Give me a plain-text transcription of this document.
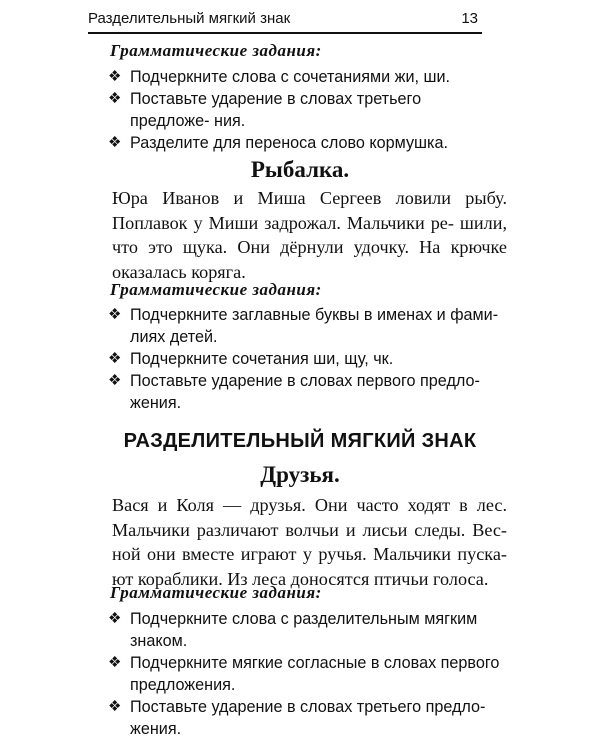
Разделительный мягкий знак	13
Грамматические задания:
❖ Подчеркните слова с сочетаниями жи, ши.
❖ Поставьте ударение в словах третьего предложе- ния.
❖ Разделите для переноса слово кормушка.
Рыбалка.

Юра Иванов и Миша Сергеев ловили рыбу. Поплавок у Миши задрожал. Мальчики ре- шили, что это щука. Они дёрнули удочку. На крючке оказалась коряга.

Грамматические задания:
❖ Подчеркните заглавные буквы в именах и фами- лиях детей.
❖ Подчеркните сочетания ши, щу, чк.
❖ Поставьте ударение в словах первого предло- жения.
РАЗДЕЛИТЕЛЬНЫЙ МЯГКИЙ ЗНАК
Друзья.

Вася и Коля — друзья. Они часто ходят в лес. Мальчики различают волчьи и лисьи следы. Вес- ной они вместе играют у ручья. Мальчики пуска- ют кораблики. Из леса доносятся птичьи голоса.

Грамматические задания:
❖ Подчеркните слова с разделительным мягким знаком.
❖ Подчеркните мягкие согласные в словах первого предложения.
❖ Поставьте ударение в словах третьего предло- жения.
